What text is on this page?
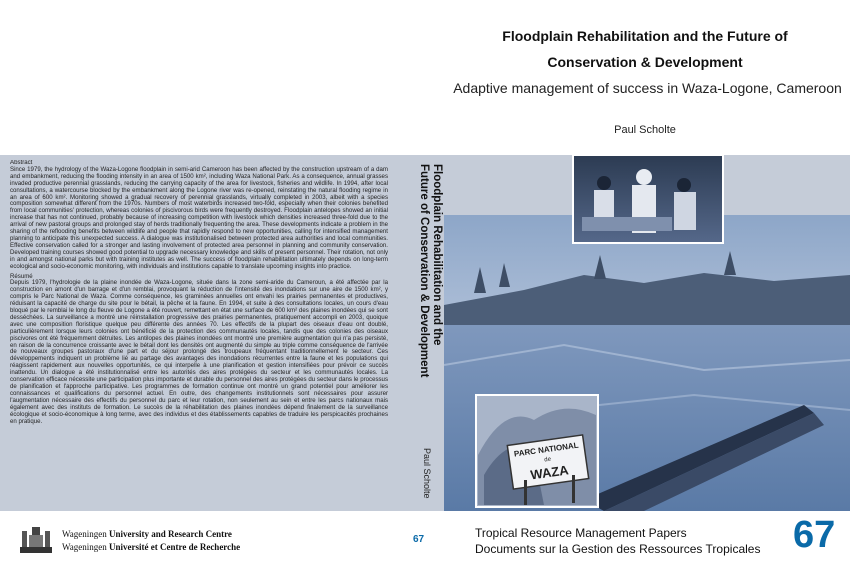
Floodplain Rehabilitation and the Future of
Conservation & Development
Adaptive management of success in Waza-Logone, Cameroon
Paul Scholte

Abstract

Since 1979, the hydrology of the Waza-Logone floodplain in semi-arid Cameroon has been affected by the construction upstream of a dam and embankment, reducing the flooding intensity in an area of 1500 km², including Waza National Park. As a consequence, annual grasses invaded productive perennial grasslands, reducing the carrying capacity of the area for livestock, fisheries and wildlife. In 1994, after local consultations, a watercourse blocked by the embankment along the Logone river was re-opened, reinstating the natural flooding regime in an area of 600 km². Monitoring showed a gradual recovery of perennial grasslands, virtually completed in 2003, albeit with a species composition somewhat different from the 1970s. Numbers of most waterbirds increased two-fold, especially when their colonies benefited from local communities' protection, whereas colonies of piscivorous birds were frequently destroyed. Floodplain antelopes showed an initial increase that has not continued, probably because of increasing competition with livestock which densities increased three-fold due to the arrival of new pastoral groups and prolonged stay of herds traditionally frequenting the area. These developments indicate a problem in the sharing of the reflooding benefits between wildlife and people that rapidly respond to new opportunities, calling for intensified management planning to anticipate this unexpected success. A dialogue was institutionalised between protected area authorities and local communities. Effective conservation called for a stronger and lasting involvement of protected area personnel in planning and community conservation. Developed training courses showed good potential to upgrade necessary knowledge and skills of present personnel. Their rotation, not only in and amongst national parks but with training institutes as well. The success of floodplain rehabilitation ultimately depends on long-term ecological and socio-economic monitoring, with individuals and institutions capable to translate upcoming insights into practice.

Résumé

Depuis 1979, l'hydrologie de la plaine inondée de Waza-Logone, située dans la zone semi-aride du Cameroun, a été affectée par la construction en amont d'un barrage et d'un remblai, provoquant la réduction de l'intensité des inondations sur une aire de 1500 km², y compris le Parc National de Waza. Comme conséquence, les graminées annuelles ont envahi les prairies permanentes et productives, réduisant la capacité de charge du site pour le bétail, la pêche et la faune. En 1994, et suite à des consultations locales, un cours d'eau bloqué par le remblai le long du fleuve de Logone a été rouvert, remettant en état une surface de 600 km² des plaines inondées qui se sont desséchées. La surveillance a montré une réinstallation progressive des prairies permanentes, pratiquement accompli en 2003, quoique avec une composition floristique quelque peu différente des années 70. Les effectifs de la plupart des oiseaux d'eau ont doublé, particulièrement lorsque leurs colonies ont bénéficié de la protection des communautés locales, tandis que des colonies des oiseaux piscivores ont été fréquemment détruites. Les antilopes des plaines inondées ont montré une première augmentation qui n'a pas persisté, en raison de la concurrence croissante avec le bétail dont les densités ont augmenté du simple au triple comme conséquence de l'arrivée de nouveaux groupes pastoraux d'une part et du séjour prolongé des troupeaux fréquentant traditionnellement le secteur. Ces développements indiquent un problème lié au partage des avantages des inondations récurrentes entre la faune et les populations qui réagissent rapidement aux nouvelles opportunités, ce qui interpelle à une planification et gestion intensifiées pour prévoir ce succès inattendu. Un dialogue a été institutionnalisé entre les autorités des aires protégées du secteur et les communautés locales. La conservation efficace nécessite une participation plus importante et durable du personnel des aires protégées du secteur dans le processus de planification et l'approche participative. Les programmes de formation continue ont montré un grand potentiel pour améliorer les connaissances et qualifications du personnel actuel. En outre, des changements institutionnels sont nécessaires pour assurer l'augmentation nécessaire des effectifs du personnel du parc et leur rotation, non seulement au sein et entre les parcs nationaux mais également avec des instituts de formation. Le succès de la réhabilitation des plaines inondées dépend finalement de la surveillance écologique et socio-économique à long terme, avec des individus et des établissements capables de traduire les perspicacités prochaines en pratique.

Floodplain Rehabilitation and the
Future of Conservation & Development
Paul Scholte	PARC NATIONAL
de
WAZA
Wageningen University and Research Centre
Wageningen Université et Centre de Recherche
67	Tropical Resource Management Papers
Documents sur la Gestion des Ressources Tropicales 67
